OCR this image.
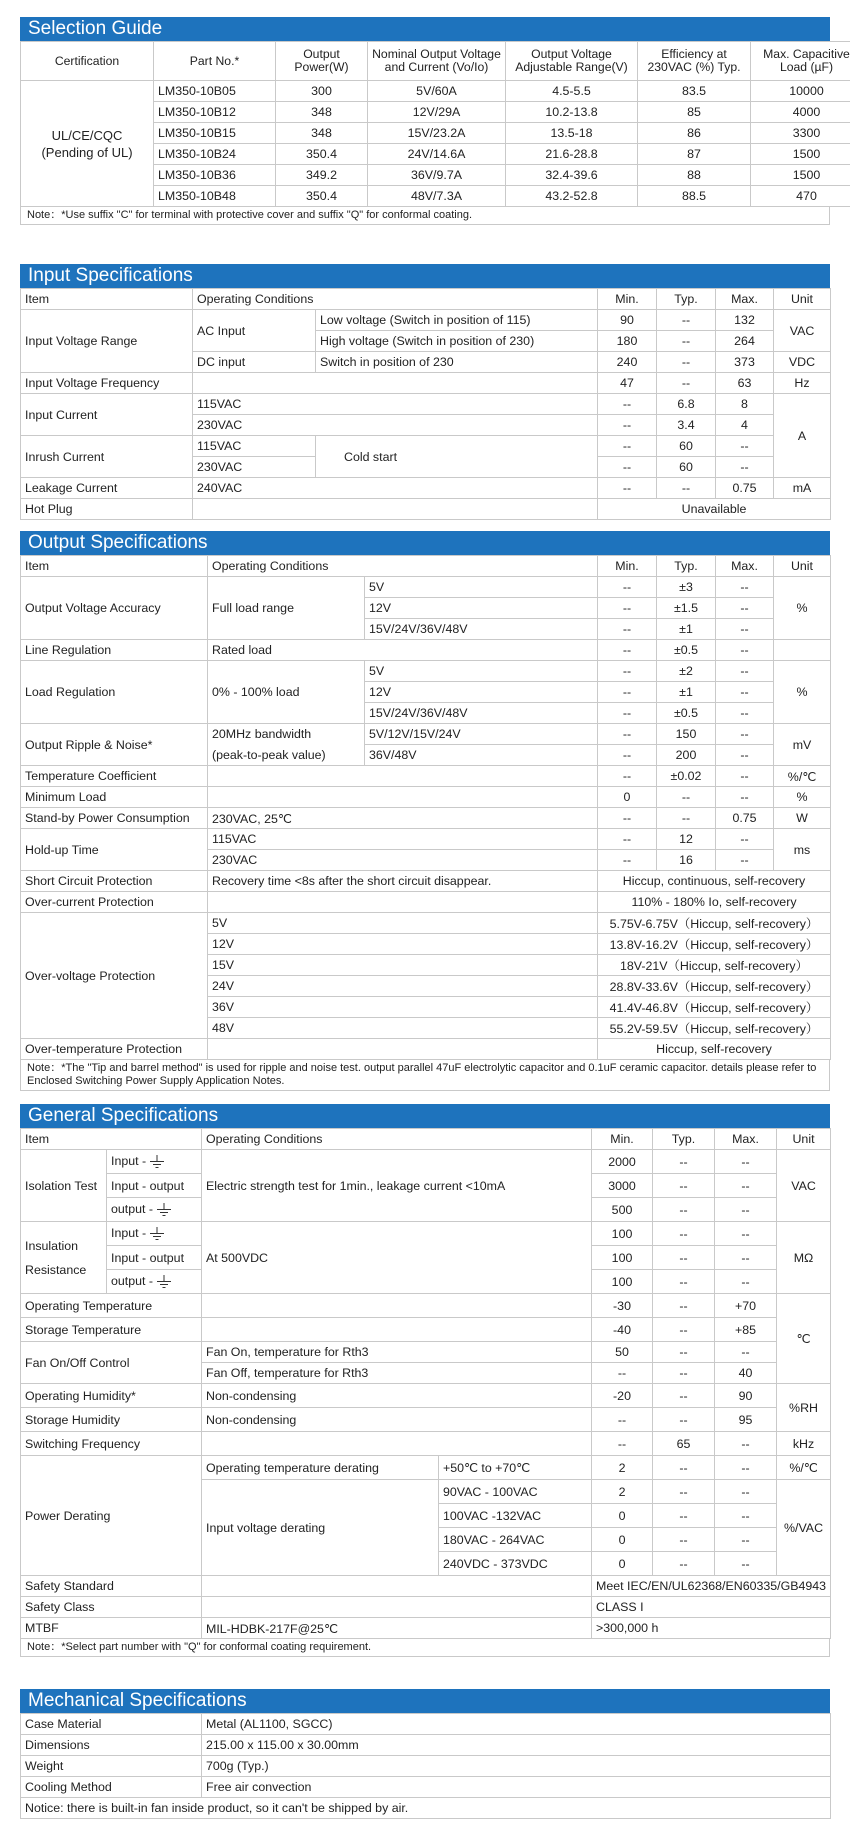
Selection Guide
Certification	Part No.*	Output Power(W)	Nominal Output Voltage and Current (Vo/Io)	Output Voltage Adjustable Range(V)	Efficiency at 230VAC (%) Typ.	Max. Capacitive Load (µF)
UL/CE/CQC
(Pending of UL)	LM350-10B05	300	5V/60A	4.5-5.5	83.5	10000
	LM350-10B12	348	12V/29A	10.2-13.8	85	4000
	LM350-10B15	348	15V/23.2A	13.5-18	86	3300
	LM350-10B24	350.4	24V/14.6A	21.6-28.8	87	1500
	LM350-10B36	349.2	36V/9.7A	32.4-39.6	88	1500
	LM350-10B48	350.4	48V/7.3A	43.2-52.8	88.5	470
Note：*Use suffix "C" for terminal with protective cover and suffix "Q" for conformal coating.
Input Specifications
Item	Operating Conditions		Min.	Typ.	Max.	Unit
Input Voltage Range	AC Input	Low voltage (Switch in position of 115)	90	--	132	VAC
		High voltage (Switch in position of 230)	180	--	264	
	DC input	Switch in position of 230	240	--	373	VDC
Input Voltage Frequency			47	--	63	Hz
Input Current	115VAC		--	6.8	8	A
	230VAC		--	3.4	4	
Inrush Current	115VAC	Cold start	--	60	--	
	230VAC		--	60	--	
Leakage Current	240VAC		--	--	0.75	mA
Hot Plug			Unavailable			
Output Specifications
Item	Operating Conditions		Min.	Typ.	Max.	Unit
Output Voltage Accuracy	Full load range	5V	--	±3	--	%
		12V	--	±1.5	--	
		15V/24V/36V/48V	--	±1	--	
Line Regulation	Rated load		--	±0.5	--	
Load Regulation	0% - 100% load	5V	--	±2	--	%
		12V	--	±1	--	
		15V/24V/36V/48V	--	±0.5	--	
Output Ripple & Noise*	20MHz bandwidth	5V/12V/15V/24V	--	150	--	mV
	(peak-to-peak value)	36V/48V	--	200	--	
Temperature Coefficient			--	±0.02	--	%/℃
Minimum Load			0	--	--	%
Stand-by Power Consumption	230VAC, 25℃		--	--	0.75	W
Hold-up Time	115VAC		--	12	--	ms
	230VAC		--	16	--	
Short Circuit Protection	Recovery time <8s after the short circuit disappear.		Hiccup, continuous, self-recovery			
Over-current Protection			110% - 180% Io, self-recovery			
Over-voltage Protection	5V		5.75V-6.75V（Hiccup, self-recovery）			
	12V		13.8V-16.2V（Hiccup, self-recovery）			
	15V		18V-21V（Hiccup, self-recovery）			
	24V		28.8V-33.6V（Hiccup, self-recovery）			
	36V		41.4V-46.8V（Hiccup, self-recovery）			
	48V		55.2V-59.5V（Hiccup, self-recovery）			
Over-temperature Protection			Hiccup, self-recovery			
Note：*The "Tip and barrel method" is used for ripple and noise test. output parallel 47uF electrolytic capacitor and 0.1uF ceramic capacitor. details please refer to Enclosed Switching Power Supply Application Notes.
General Specifications
Item		Operating Conditions		Min.	Typ.	Max.	Unit
Isolation Test	Input -	Electric strength test for 1min., leakage current <10mA		2000	--	--	VAC
	Input - output			3000	--	--	
	output -			500	--	--	
Insulation Resistance	Input -	At 500VDC		100	--	--	MΩ
	Input - output			100	--	--	
	output -			100	--	--	
Operating Temperature				-30	--	+70	℃
Storage Temperature				-40	--	+85	
Fan On/Off Control		Fan On, temperature for Rth3		50	--	--	
		Fan Off, temperature for Rth3		--	--	40	
Operating Humidity*		Non-condensing		-20	--	90	%RH
Storage Humidity		Non-condensing		--	--	95	
Switching Frequency				--	65	--	kHz
Power Derating		Operating temperature derating	+50℃ to +70℃	2	--	--	%/℃
		Input voltage derating	90VAC - 100VAC	2	--	--	%/VAC
			100VAC -132VAC	0	--	--	
			180VAC - 264VAC	0	--	--	
			240VDC - 373VDC	0	--	--	
Safety Standard				Meet IEC/EN/UL62368/EN60335/GB4943			
Safety Class				CLASS I			
MTBF		MIL-HDBK-217F@25℃		>300,000 h			
Note：*Select part number with "Q" for conformal coating requirement.
Mechanical Specifications
Case Material	Metal (AL1100, SGCC)
Dimensions	215.00 x 115.00 x 30.00mm
Weight	700g (Typ.)
Cooling Method	Free air convection
Notice: there is built-in fan inside product, so it can't be shipped by air.	
